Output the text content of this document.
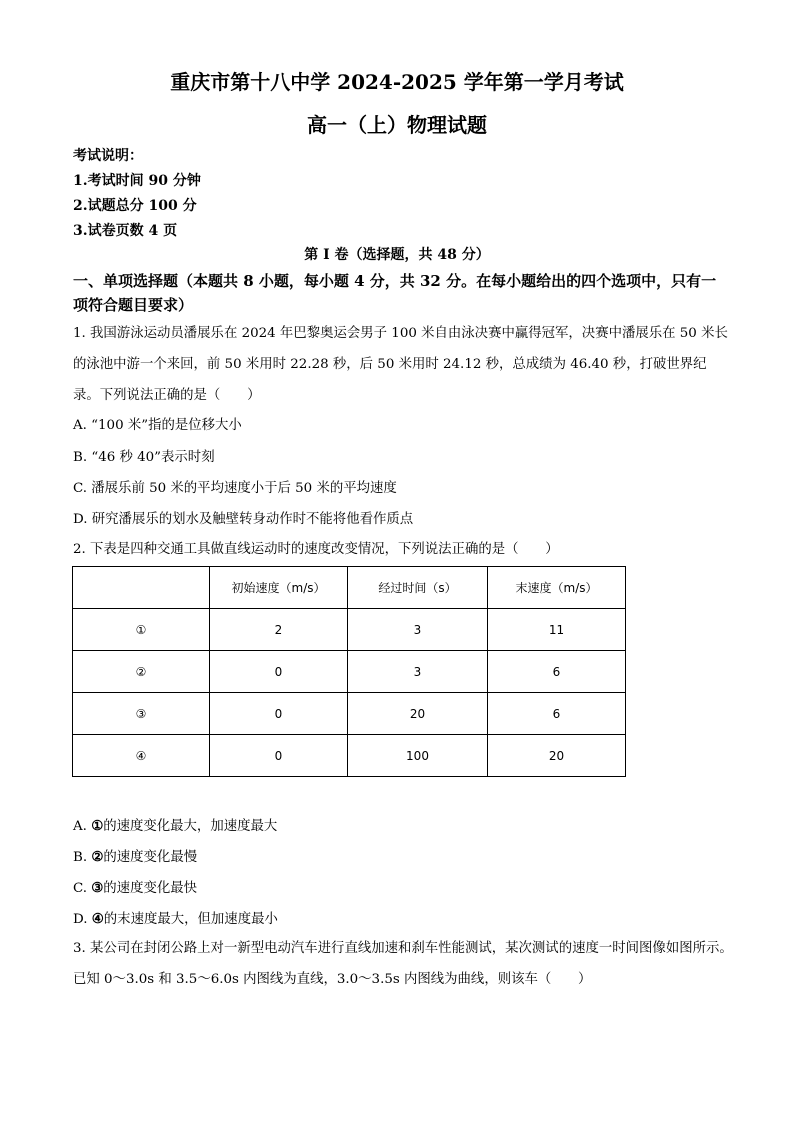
重庆市第十八中学 2024-2025 学年第一学月考试
高一（上）物理试题
考试说明：
1.考试时间 90 分钟
2.试题总分 100 分
3.试卷页数 4 页
第 I 卷（选择题，共 48 分）
一、单项选择题（本题共 8 小题，每小题 4 分，共 32 分。在每小题给出的四个选项中，只有一项符合题目要求）
1. 我国游泳运动员潘展乐在 2024 年巴黎奥运会男子 100 米自由泳决赛中赢得冠军，决赛中潘展乐在 50 米长的泳池中游一个来回，前 50 米用时 22.28 秒，后 50 米用时 24.12 秒，总成绩为 46.40 秒，打破世界纪录。下列说法正确的是（　　）
A. “100 米”指的是位移大小
B. “46 秒 40”表示时刻
C. 潘展乐前 50 米的平均速度小于后 50 米的平均速度
D. 研究潘展乐的划水及触壁转身动作时不能将他看作质点
2. 下表是四种交通工具做直线运动时的速度改变情况，下列说法正确的是（　　）
	初始速度（m/s）	经过时间（s）	末速度（m/s）
①	2	3	11
②	0	3	6
③	0	20	6
④	0	100	20
A. ①的速度变化最大，加速度最大
B. ②的速度变化最慢
C. ③的速度变化最快
D. ④的末速度最大，但加速度最小
3. 某公司在封闭公路上对一新型电动汽车进行直线加速和刹车性能测试，某次测试的速度一时间图像如图所示。已知 0～3.0s 和 3.5～6.0s 内图线为直线，3.0～3.5s 内图线为曲线，则该车（　　）
